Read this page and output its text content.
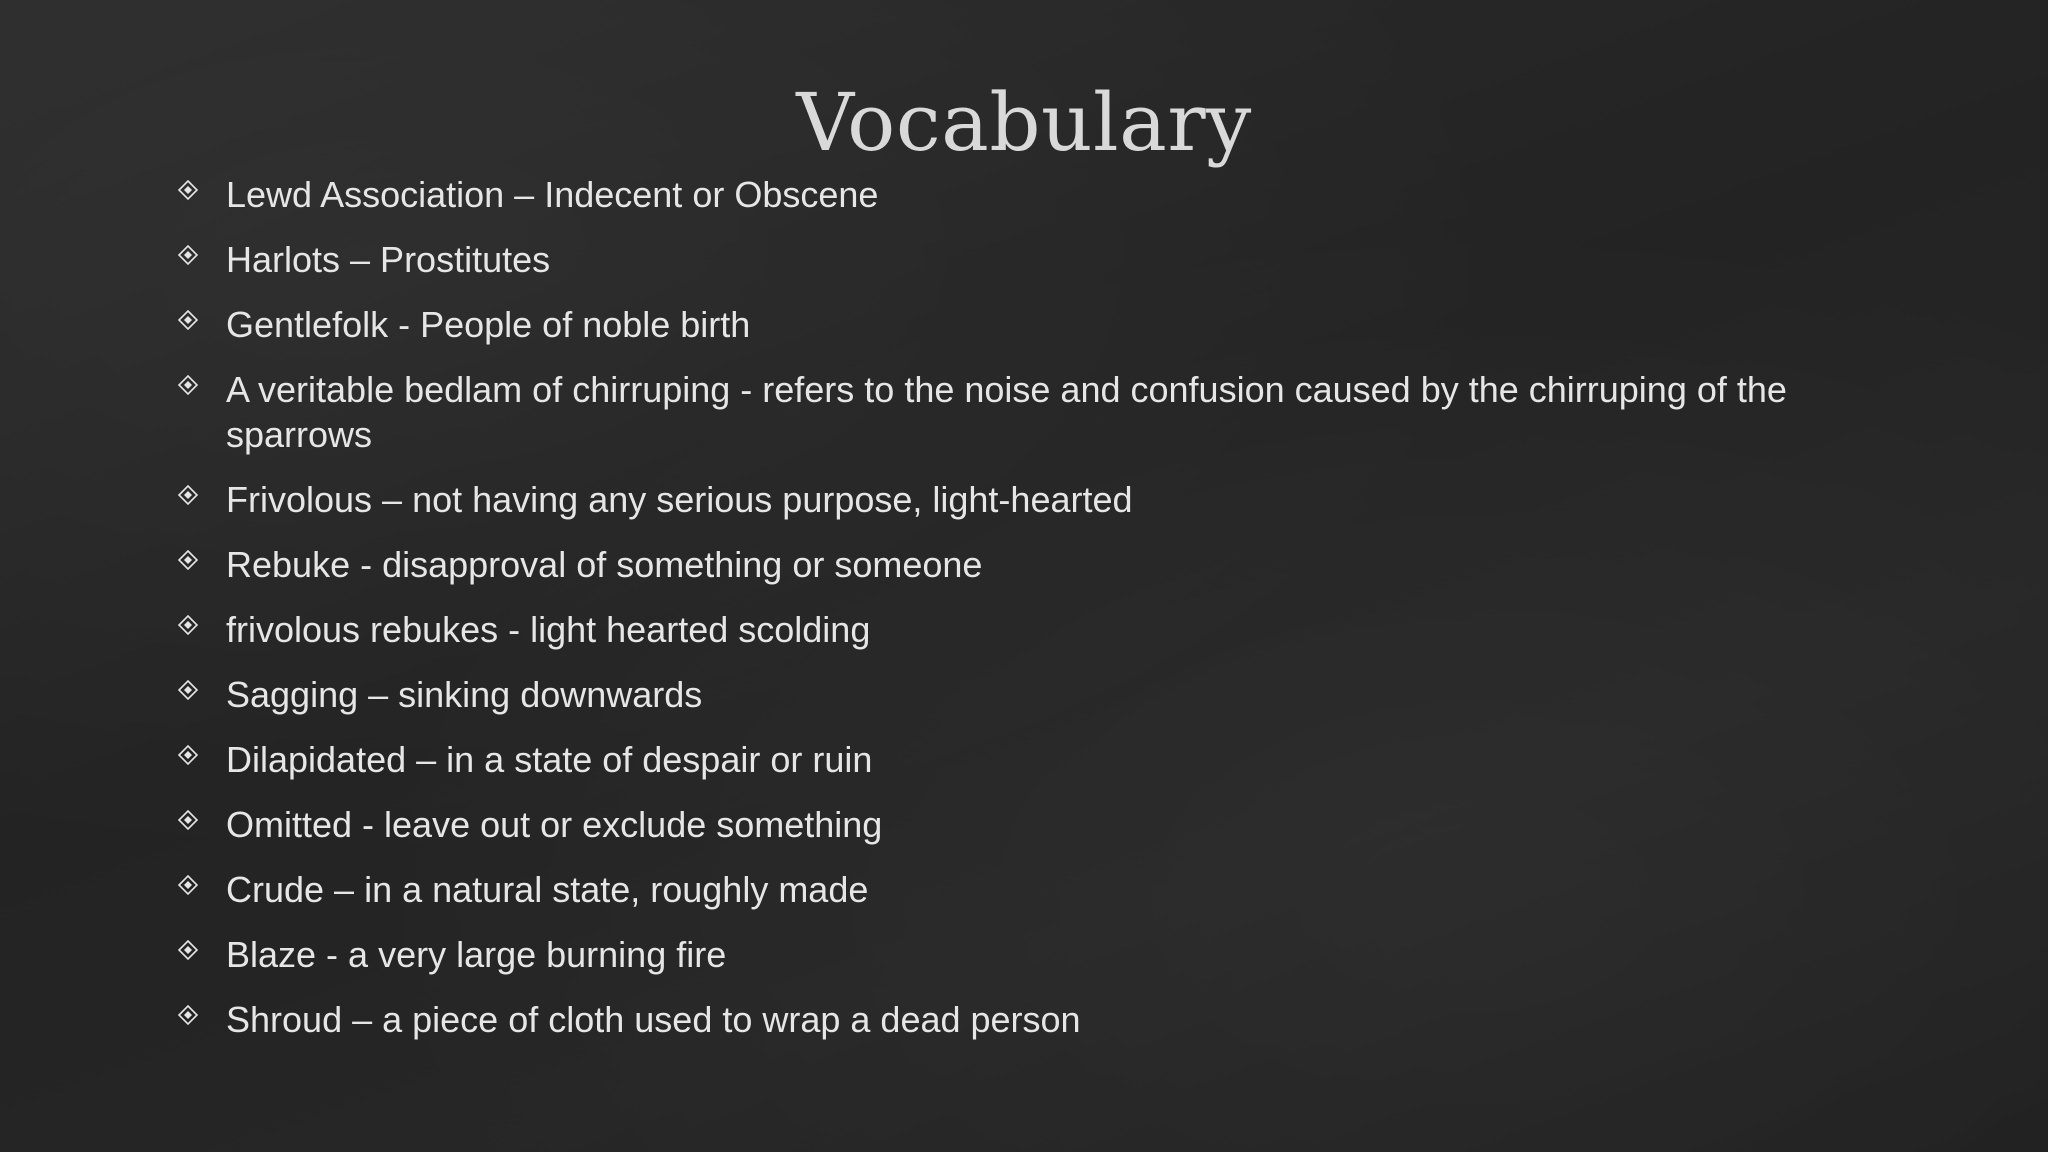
Vocabulary
Lewd Association – Indecent or Obscene
Harlots – Prostitutes
Gentlefolk - People of noble birth
A veritable bedlam of chirruping - refers to the noise and confusion caused by the chirruping of the sparrows
Frivolous – not having any serious purpose, light-hearted
Rebuke - disapproval of something or someone
frivolous rebukes - light hearted scolding
Sagging – sinking downwards
Dilapidated – in a state of despair or ruin
Omitted - leave out or exclude something
Crude – in a natural state, roughly made
Blaze - a very large burning fire
Shroud – a piece of cloth used to wrap a dead person
